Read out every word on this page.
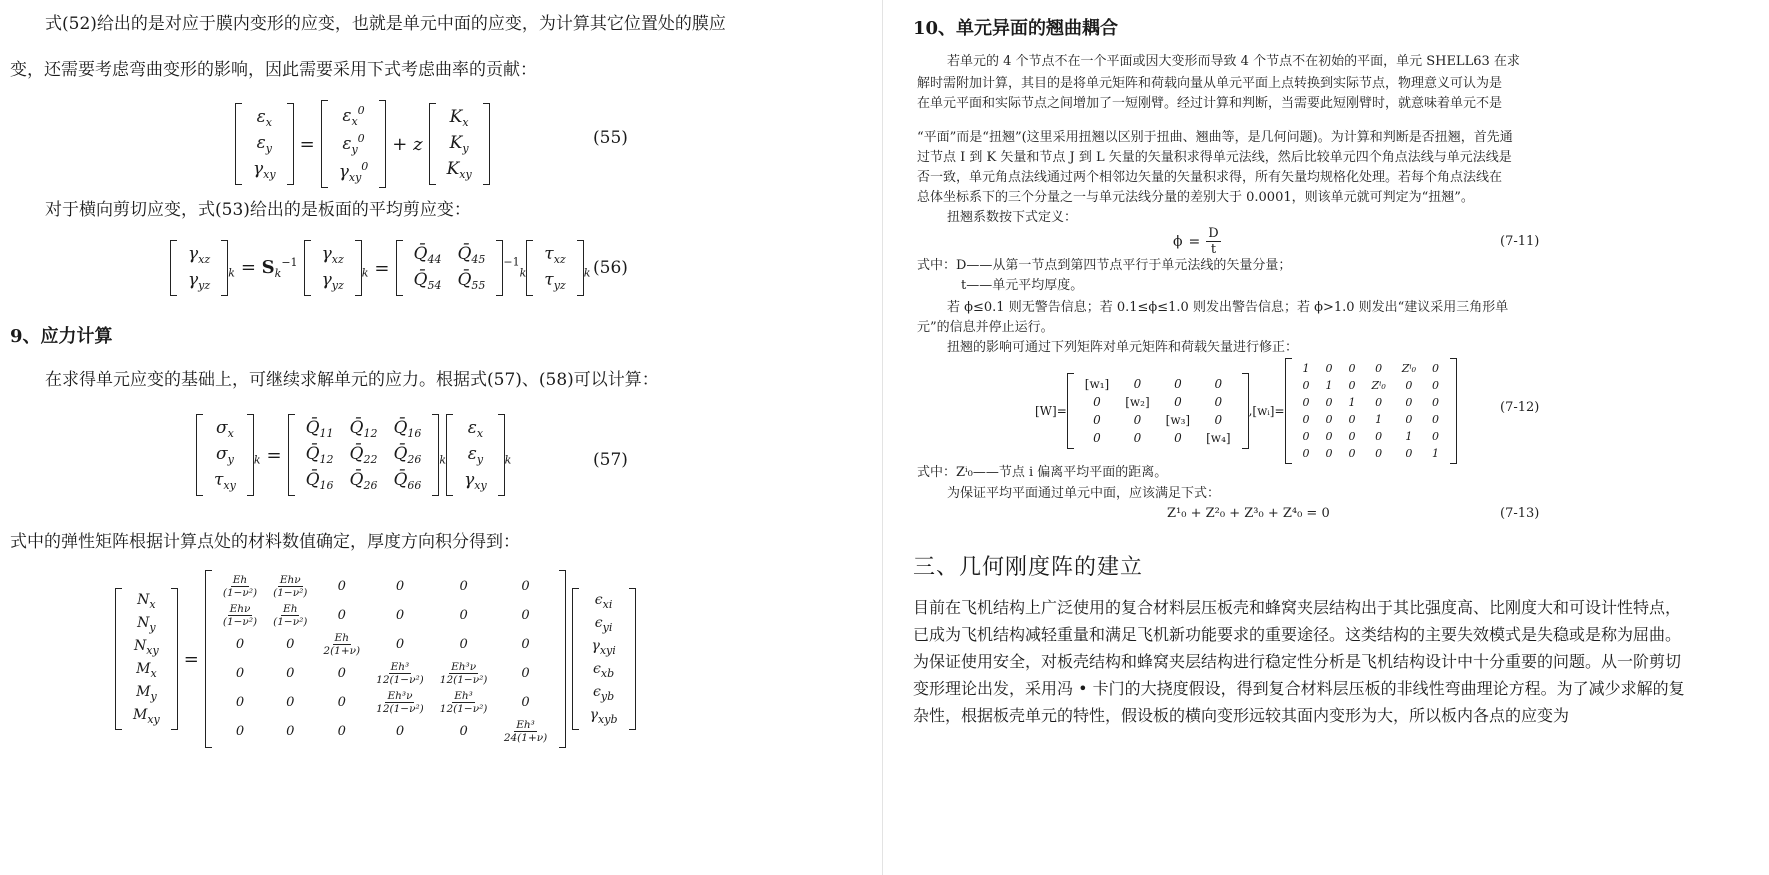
式(52)给出的是对应于膜内变形的应变，也就是单元中面的应变，为计算其它位置处的膜应
变，还需要考虑弯曲变形的影响，因此需要采用下式考虑曲率的贡献：
$\varepsilon_x$
$\varepsilon_y$
$\gamma_{xy}$
=
$\varepsilon_x^0$
$\varepsilon_y^0$
$\gamma_{xy}^0$
+ z
$K_x$
$K_y$
$K_{xy}$
(55)
对于横向剪切应变，式(53)给出的是板面的平均剪应变：
$\gamma_{xz}$
$\gamma_{yz}$
$_k = S_k^{-1}$ $\gamma_{xz}$
$\gamma_{yz}$
$_k$ =
$Q̄_{44}$	$Q̄_{45}$
$Q̄_{54}$	$Q̄_{55}$
$^{-1}_k$
$\tau_{xz}$
$\tau_{yz}$
$_k$ (56)
9、应力计算
在求得单元应变的基础上，可继续求解单元的应力。根据式(57)、(58)可以计算：
$\sigma_x$
$\sigma_y$
$\tau_{xy}$
$_k$ =
$Q̄_{11}$	$Q̄_{12}$	$Q̄_{16}$
$Q̄_{12}$	$Q̄_{22}$	$Q̄_{26}$
$Q̄_{16}$	$Q̄_{26}$	$Q̄_{66}$
$_k$
$\varepsilon_x$
$\varepsilon_y$
$\gamma_{xy}$
$_k$	(57)
式中的弹性矩阵根据计算点处的材料数值确定，厚度方向积分得到：
$N_x$
$N_y$
$N_{xy}$
$M_x$
$M_y$
$M_{xy}$
=
$\frac{Eh}{\text{(1−ν²)}}$	$\frac{\text{Ehν}}{\text{(1−ν²)}}$	0	0	0	0

$\frac{\text{Ehν}}{\text{(1−ν²)}}$	$\frac{Eh}{\text{(1−ν²)}}$	0	0	0	0
0	0	$\frac{Eh}{2(1+\nu)}$	0	0	0
0	0	0	$\frac{\text{Eh³}}{\text{12(1−ν²)}}$	$\frac{\text{Eh³ν}}{\text{12(1−ν²)}}$	0
0	0	0	$\frac{\text{Eh³ν}}{\text{12(1−ν²)}}$	$\frac{\text{Eh³}}{\text{12(1−ν²)}}$	0
0	0	0	0	0	$\frac{\text{Eh³}}{24(1+\nu)}$
$\epsilon_{xi}$
$\epsilon_{yi}$
$\gamma_{xyi}$
$\epsilon_{xb}$
$\epsilon_{yb}$
$\gamma_{xyb}$
10、单元异面的翘曲耦合
若单元的 4 个节点不在一个平面或因大变形而导致 4 个节点不在初始的平面，单元 SHELL63 在求
解时需附加计算，其目的是将单元矩阵和荷载向量从单元平面上点转换到实际节点，物理意义可认为是
在单元平面和实际节点之间增加了一短刚臂。经过计算和判断，当需要此短刚臂时，就意味着单元不是
“平面”而是“扭翘”(这里采用扭翘以区别于扭曲、翘曲等，是几何问题)。为计算和判断是否扭翘，首先通
过节点 I 到 K 矢量和节点 J 到 L 矢量的矢量积求得单元法线，然后比较单元四个角点法线与单元法线是
否一致，单元角点法线通过两个相邻边矢量的矢量积求得，所有矢量均规格化处理。若每个角点法线在
总体坐标系下的三个分量之一与单元法线分量的差别大于 0.0001，则该单元就可判定为“扭翘”。
扭翘系数按下式定义：
$\phi = \frac{D}{t}$	(7-11)
式中：D——从第一节点到第四节点平行于单元法线的矢量分量；
t——单元平均厚度。
若 ϕ≤0.1 则无警告信息；若 0.1≤ϕ≤1.0 则发出警告信息；若 ϕ>1.0 则发出“建议采用三角形单
元”的信息并停止运行。
扭翘的影响可通过下列矩阵对单元矩阵和荷载矢量进行修正：
[W]=
[w₁]	0	0	0
0	[w₂]	0	0
0	0	[w₃]	0
0	0	0	[w₄]
,[wᵢ]=
1	0	0	0	Zⁱ₀	0
0	1	0	Zⁱ₀	0	0
0	0	1	0	0	0
0	0	0	1	0	0
0	0	0	0	1	0
0	0	0	0	0	1
(7-12)
式中：Zⁱ₀——节点 i 偏离平均平面的距离。
为保证平均平面通过单元中面，应该满足下式：
Z¹₀ + Z²₀ + Z³₀ + Z⁴₀ = 0	(7-13)
三、几何刚度阵的建立
目前在飞机结构上广泛使用的复合材料层压板壳和蜂窝夹层结构出于其比强度高、比刚度大和可设计性特点，
已成为飞机结构减轻重量和满足飞机新功能要求的重要途径。这类结构的主要失效模式是失稳或是称为屈曲。
为保证使用安全，对板壳结构和蜂窝夹层结构进行稳定性分析是飞机结构设计中十分重要的问题。从一阶剪切
变形理论出发，采用冯 • 卡门的大挠度假设，得到复合材料层压板的非线性弯曲理论方程。为了减少求解的复
杂性，根据板壳单元的特性，假设板的横向变形远较其面内变形为大，所以板内各点的应变为
